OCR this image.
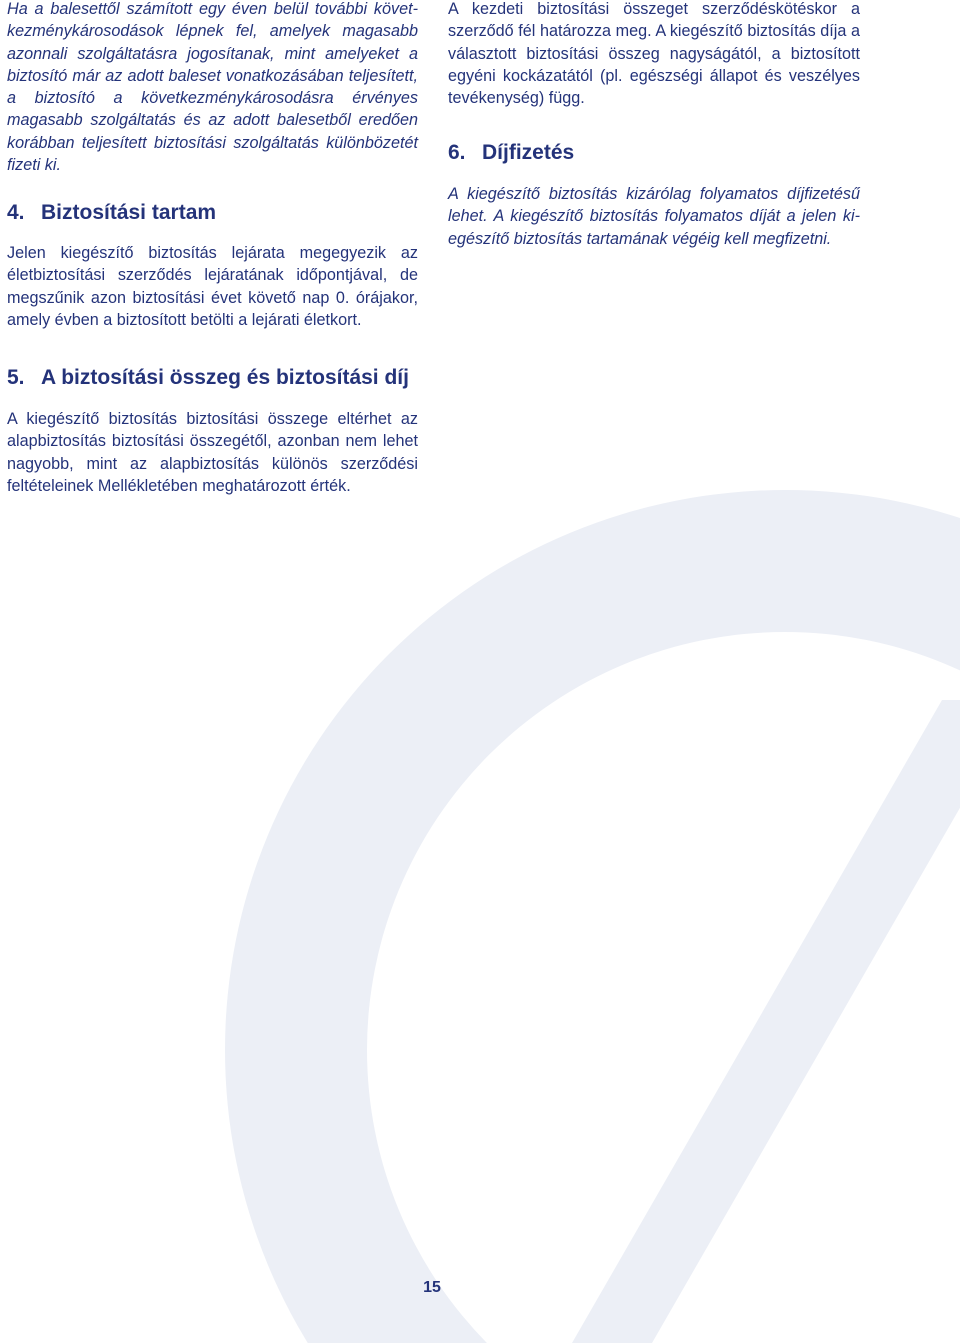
Ha a balesettől számított egy éven belül további következménykárosodások lépnek fel, amelyek magasabb azonnali szolgáltatásra jogosítanak, mint amelyeket a biztosító már az adott baleset vonatkozásában teljesített, a biztosító a következménykárosodásra érvényes magasabb szolgáltatás és az adott balesetből eredően korábban teljesített biztosítási szolgáltatás különbözetét fizeti ki.

4. Biztosítási tartam

Jelen kiegészítő biztosítás lejárata megegyezik az életbiztosítási szerződés lejáratának időpontjával, de megszűnik azon biztosítási évet követő nap 0. órájakor, amely évben a biztosított betölti a lejárati életkort.

5. A biztosítási összeg és biztosítási díj

A kiegészítő biztosítás biztosítási összege eltérhet az alapbiztosítás biztosítási összegétől, azonban nem lehet nagyobb, mint az alapbiztosítás különös szerződési feltételeinek Mellékletében meghatározott érték.

A kezdeti biztosítási összeget szerződéskötéskor a szerződő fél határozza meg. A kiegészítő biztosítás díja a választott biztosítási összeg nagyságától, a biztosított egyéni kockázatától (pl. egészségi állapot és veszélyes tevékenység) függ.

6. Díjfizetés

A kiegészítő biztosítás kizárólag folyamatos díjfizetésű lehet. A kiegészítő biztosítás folyamatos díját a jelen kiegészítő biztosítás tartamának végéig kell megfizetni.

15
